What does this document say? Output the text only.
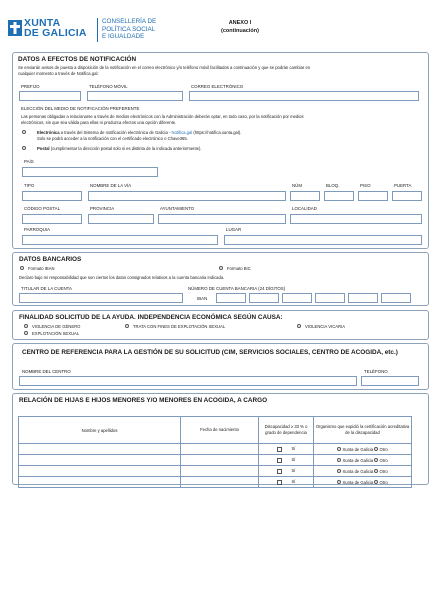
XUNTA
DE GALICIA
CONSELLERÍA DE
POLÍTICA SOCIAL
E IGUALDADE
ANEXO I
(continuación)
DATOS A EFECTOS DE NOTIFICACIÓN
Se enviarán avisos de puesta a disposición de la notificación en el correo electrónico y/o teléfono móvil facilitados a continuación y que se podrán cambiar en
cualquier momento a través de Notifica.gal:
PREFIJO	TELÉFONO MÓVIL	CORREO ELECTRÓNICO
ELECCIÓN DEL MEDIO DE NOTIFICACIÓN PREFERENTE
Las personas obligadas a relacionarse a través de medios electrónicos con la Administración deberán optar, en todo caso, por la notificación por medios
electrónicos, sin que sea válida para ellas ni produzca efectos una opción diferente.
Electrónica a través del Sistema de notificación electrónica de Galicia - Notifica.gal (https://notifica.xunta.gal).
Solo se podrá acceder a la notificación con el certificado electrónico o Chave365.
Postal (cumplimentar la dirección postal solo si es distinta de la indicada anteriormente).
PAÍS
TIPO	NOMBRE DE LA VÍA	NÚM	BLOQ.	PISO	PUERTA
CÓDIGO POSTAL	PROVINCIA	AYUNTAMIENTO	LOCALIDAD
PARROQUIA	LUGAR
DATOS BANCARIOS
Formato IBAN	Formato BIC
Declaro bajo mi responsabilidad que son ciertos los datos consignados relativos a la cuenta bancaria indicada.
TITULAR DE LA CUENTA	NÚMERO DE CUENTA BANCARIA (24 DÍGITOS)
IBAN
FINALIDAD SOLICITUD DE LA AYUDA. INDEPENDENCIA ECONÓMICA SEGÚN CAUSA:
VIOLENCIA DE GÉNERO	TRATA CON FINES DE EXPLOTACIÓN SEXUAL	VIOLENCIA VICARIA
EXPLOTACIÓN SEXUAL
CENTRO DE REFERENCIA PARA LA GESTIÓN DE SU SOLICITUD (CIM, SERVICIOS SOCIALES, CENTRO DE ACOGIDA, etc.)
NOMBRE DEL CENTRO	TELÉFONO
RELACIÓN DE HIJAS E HIJOS MENORES Y/O MENORES EN ACOGIDA, A CARGO
Nombre y apellidos	Fecha de nacimiento	Discapacidad ≥ 33 % o grado de dependencia	Organismo que expidió la certificación acreditativa de la discapacidad
		Sí	Xunta de Galicia Otro
		Sí	Xunta de Galicia Otro
		Sí	Xunta de Galicia Otro
		Sí	Xunta de Galicia Otro
